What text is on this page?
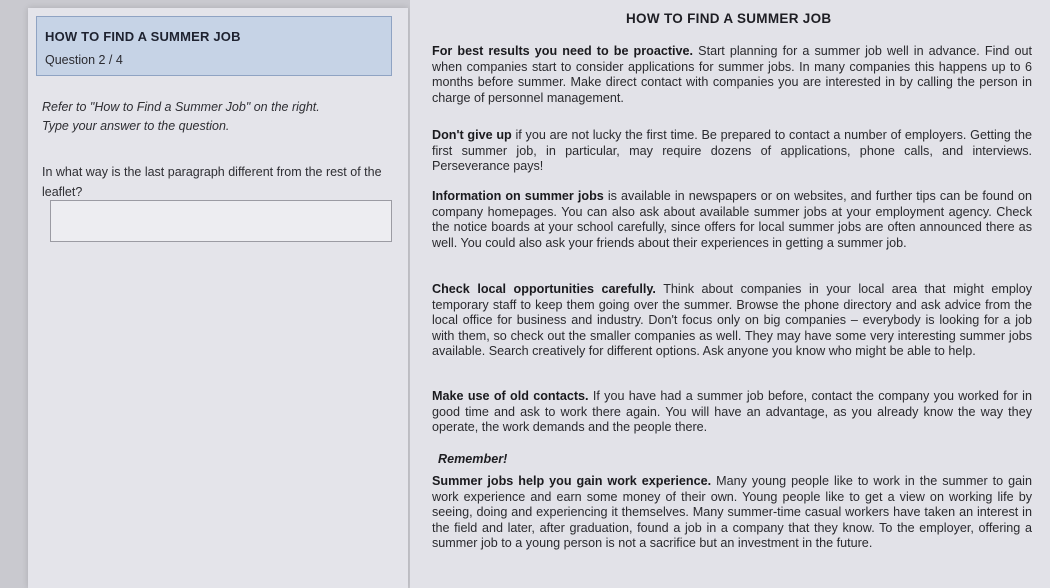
HOW TO FIND A SUMMER JOB
Question 2 / 4
Refer to "How to Find a Summer Job" on the right.
Type your answer to the question.
In what way is the last paragraph different from the rest of the leaflet?
HOW TO FIND A SUMMER JOB
For best results you need to be proactive. Start planning for a summer job well in advance. Find out when companies start to consider applications for summer jobs. In many companies this happens up to 6 months before summer. Make direct contact with companies you are interested in by calling the person in charge of personnel management.
Don't give up if you are not lucky the first time. Be prepared to contact a number of employers. Getting the first summer job, in particular, may require dozens of applications, phone calls, and interviews. Perseverance pays!
Information on summer jobs is available in newspapers or on websites, and further tips can be found on company homepages. You can also ask about available summer jobs at your employment agency. Check the notice boards at your school carefully, since offers for local summer jobs are often announced there as well. You could also ask your friends about their experiences in getting a summer job.
Check local opportunities carefully. Think about companies in your local area that might employ temporary staff to keep them going over the summer. Browse the phone directory and ask advice from the local office for business and industry. Don't focus only on big companies – everybody is looking for a job with them, so check out the smaller companies as well. They may have some very interesting summer jobs available. Search creatively for different options. Ask anyone you know who might be able to help.
Make use of old contacts. If you have had a summer job before, contact the company you worked for in good time and ask to work there again. You will have an advantage, as you already know the way they operate, the work demands and the people there.
Remember!
Summer jobs help you gain work experience. Many young people like to work in the summer to gain work experience and earn some money of their own. Young people like to get a view on working life by seeing, doing and experiencing it themselves. Many summer-time casual workers have taken an interest in the field and later, after graduation, found a job in a company that they know. To the employer, offering a summer job to a young person is not a sacrifice but an investment in the future.
